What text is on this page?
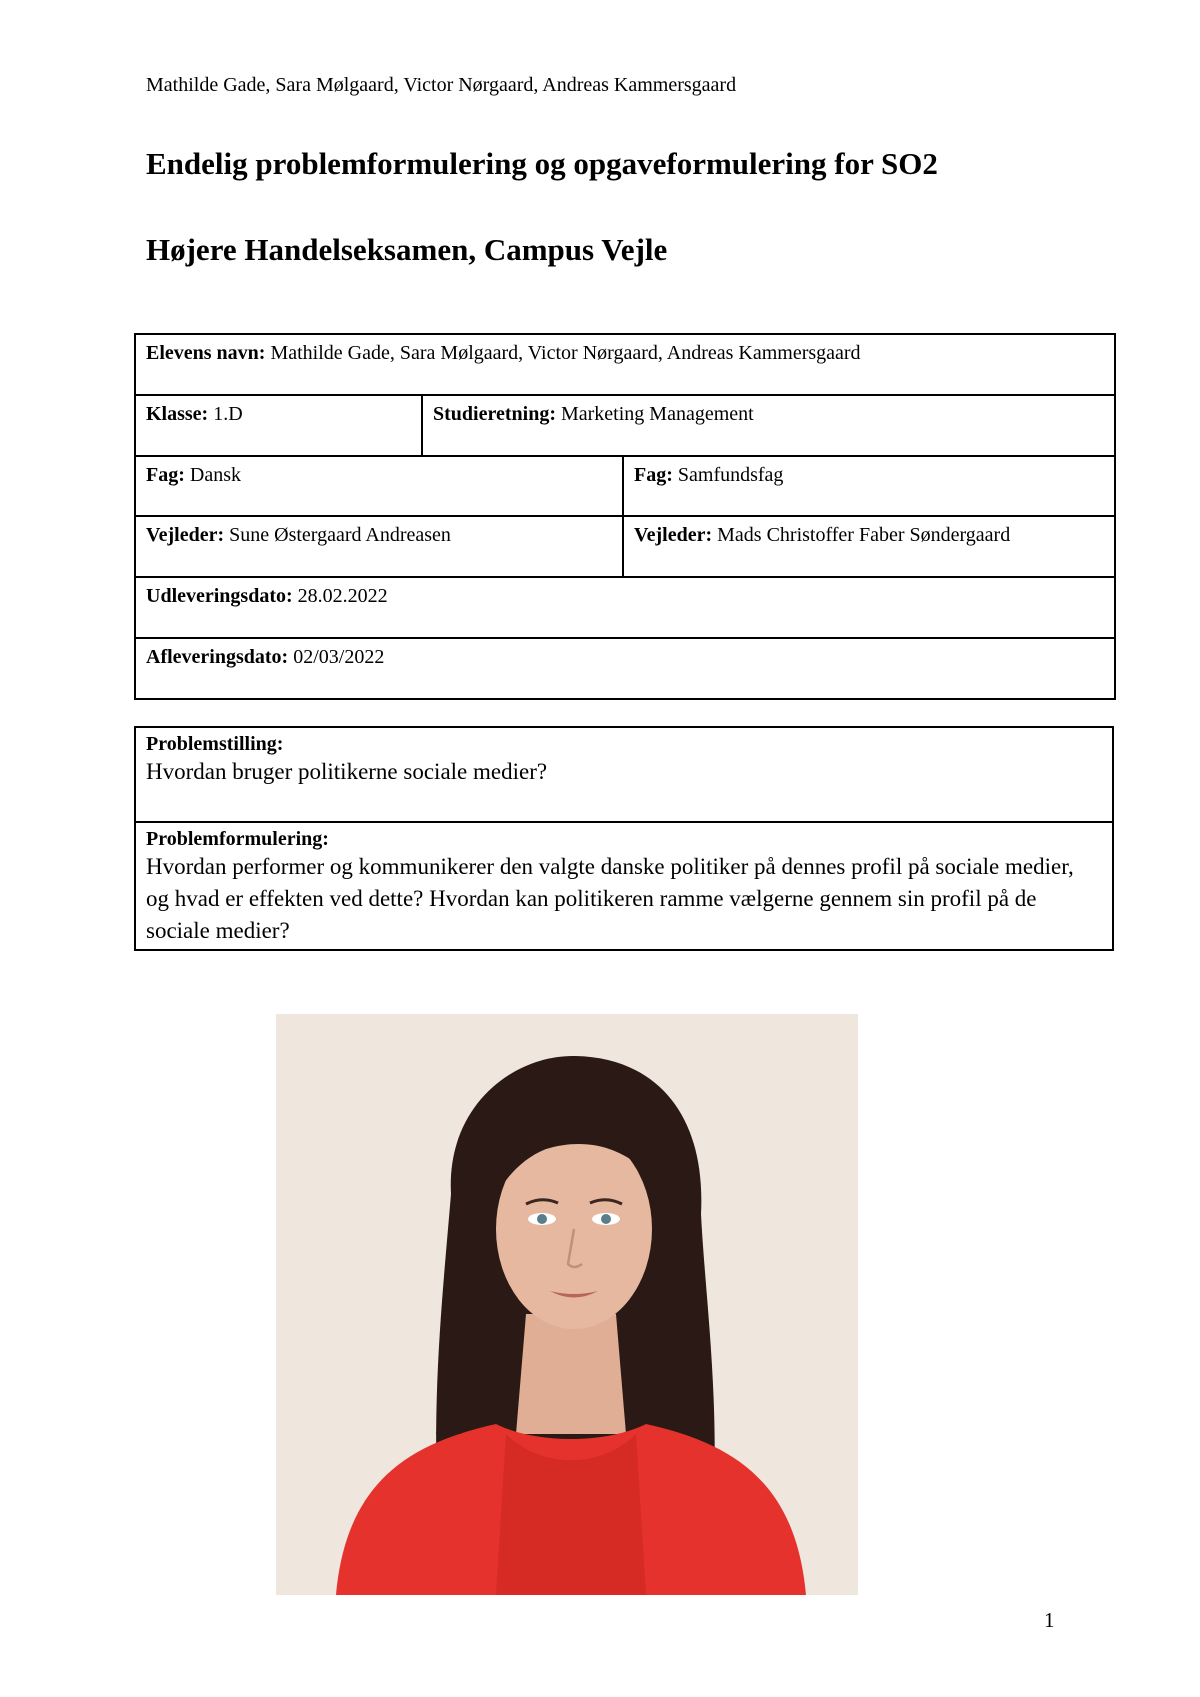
Mathilde Gade, Sara Mølgaard, Victor Nørgaard, Andreas Kammersgaard
Endelig problemformulering og opgaveformulering for SO2
Højere Handelseksamen, Campus Vejle
Elevens navn: Mathilde Gade, Sara Mølgaard, Victor Nørgaard, Andreas Kammersgaard		
Klasse: 1.D	Studieretning: Marketing Management	
Fag: Dansk		Fag: Samfundsfag
Vejleder: Sune Østergaard Andreasen		Vejleder: Mads Christoffer Faber Søndergaard
Udleveringsdato: 28.02.2022		
Afleveringsdato: 02/03/2022		
Problemstilling:
Hvordan bruger politikerne sociale medier?

Problemformulering:
Hvordan performer og kommunikerer den valgte danske politiker på dennes profil på sociale medier, og hvad er effekten ved dette? Hvordan kan politikeren ramme vælgerne gennem sin profil på de sociale medier?
1
